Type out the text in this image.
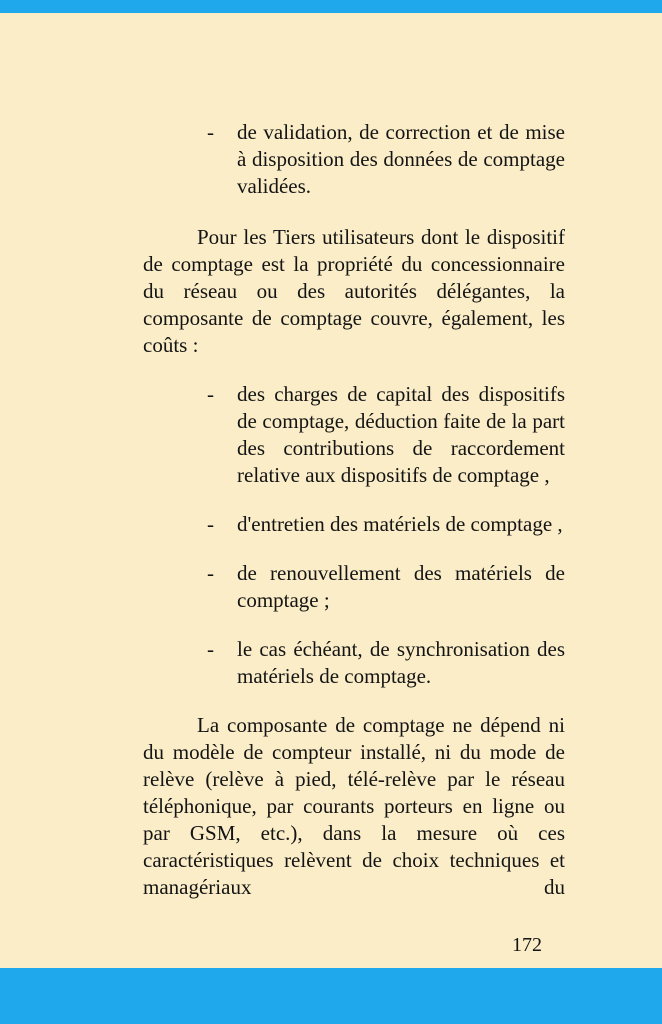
- de validation, de correction et de mise à disposition des données de comptage validées.

Pour les Tiers utilisateurs dont le dispositif de comptage est la propriété du concessionnaire du réseau ou des autorités délégantes, la composante de comptage couvre, également, les coûts :

- des charges de capital des dispositifs de comptage, déduction faite de la part des contributions de raccordement relative aux dispositifs de comptage ,
- d'entretien des matériels de comptage ,
- de renouvellement des matériels de comptage ;
- le cas échéant, de synchronisation des matériels de comptage.

La composante de comptage ne dépend ni du modèle de compteur installé, ni du mode de relève (relève à pied, télé-relève par le réseau téléphonique, par courants porteurs en ligne ou par GSM, etc.), dans la mesure où ces caractéristiques relèvent de choix techniques et managériaux du

172
